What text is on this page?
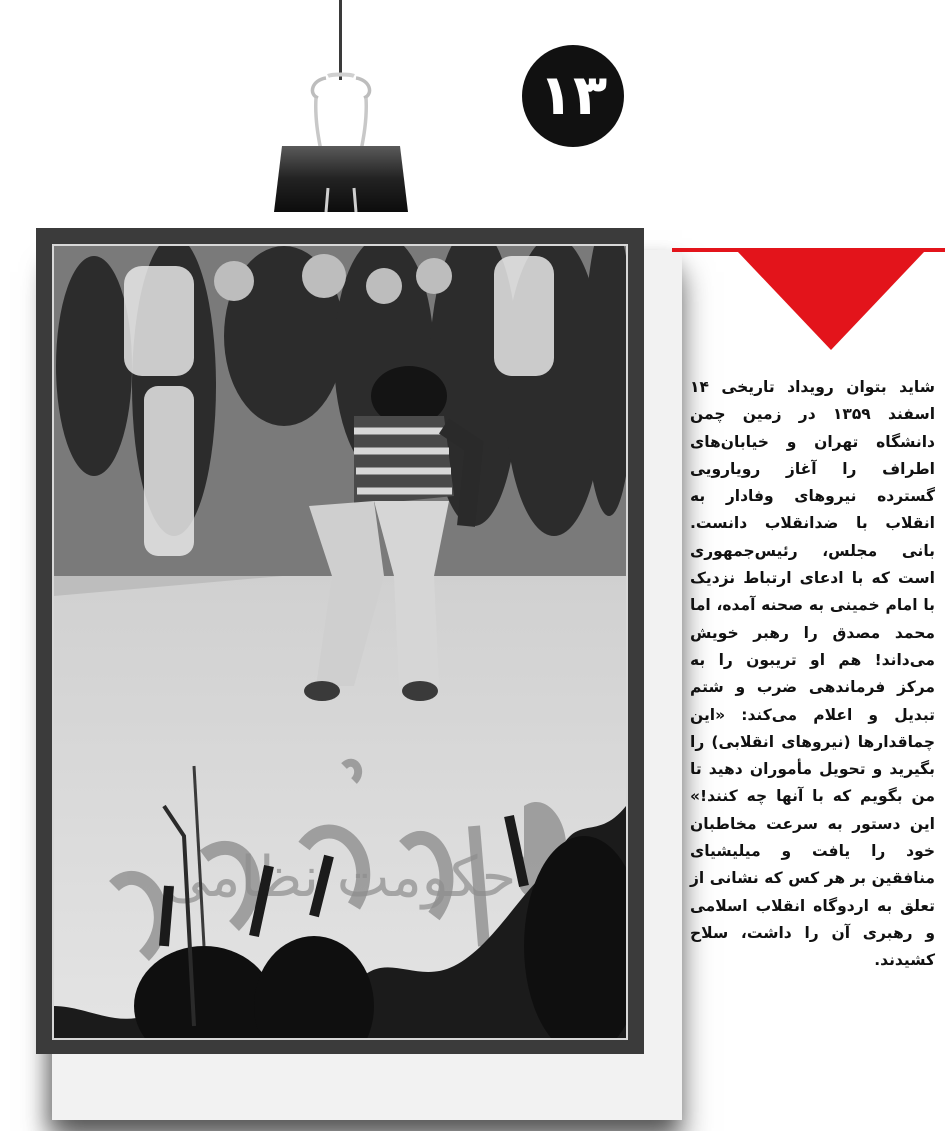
۱۳
حکومت نظامی
شاید بتوان رویداد تاریخی ۱۴ اسفند ۱۳۵۹ در زمین چمن دانشگاه تهران و خیابان‌های اطراف را آغاز رویارویی گسترده نیروهای وفادار به انقلاب با ضدانقلاب دانست. بانی مجلس، رئیس‌جمهوری است که با ادعای ارتباط نزدیک با امام خمینی به صحنه آمده، اما محمد مصدق را رهبر خویش می‌داند! هم او تریبون را به مرکز فرماندهی ضرب و شتم تبدیل و اعلام می‌کند: «این چماقدارها (نیروهای انقلابی) را بگیرید و تحویل مأموران دهید تا من بگویم که با آنها چه کنند!» این دستور به سرعت مخاطبان خود را یافت و میلیشیای منافقین بر هر کس که نشانی از تعلق به اردوگاه انقلاب اسلامی و رهبری آن را داشت، سلاح کشیدند.
